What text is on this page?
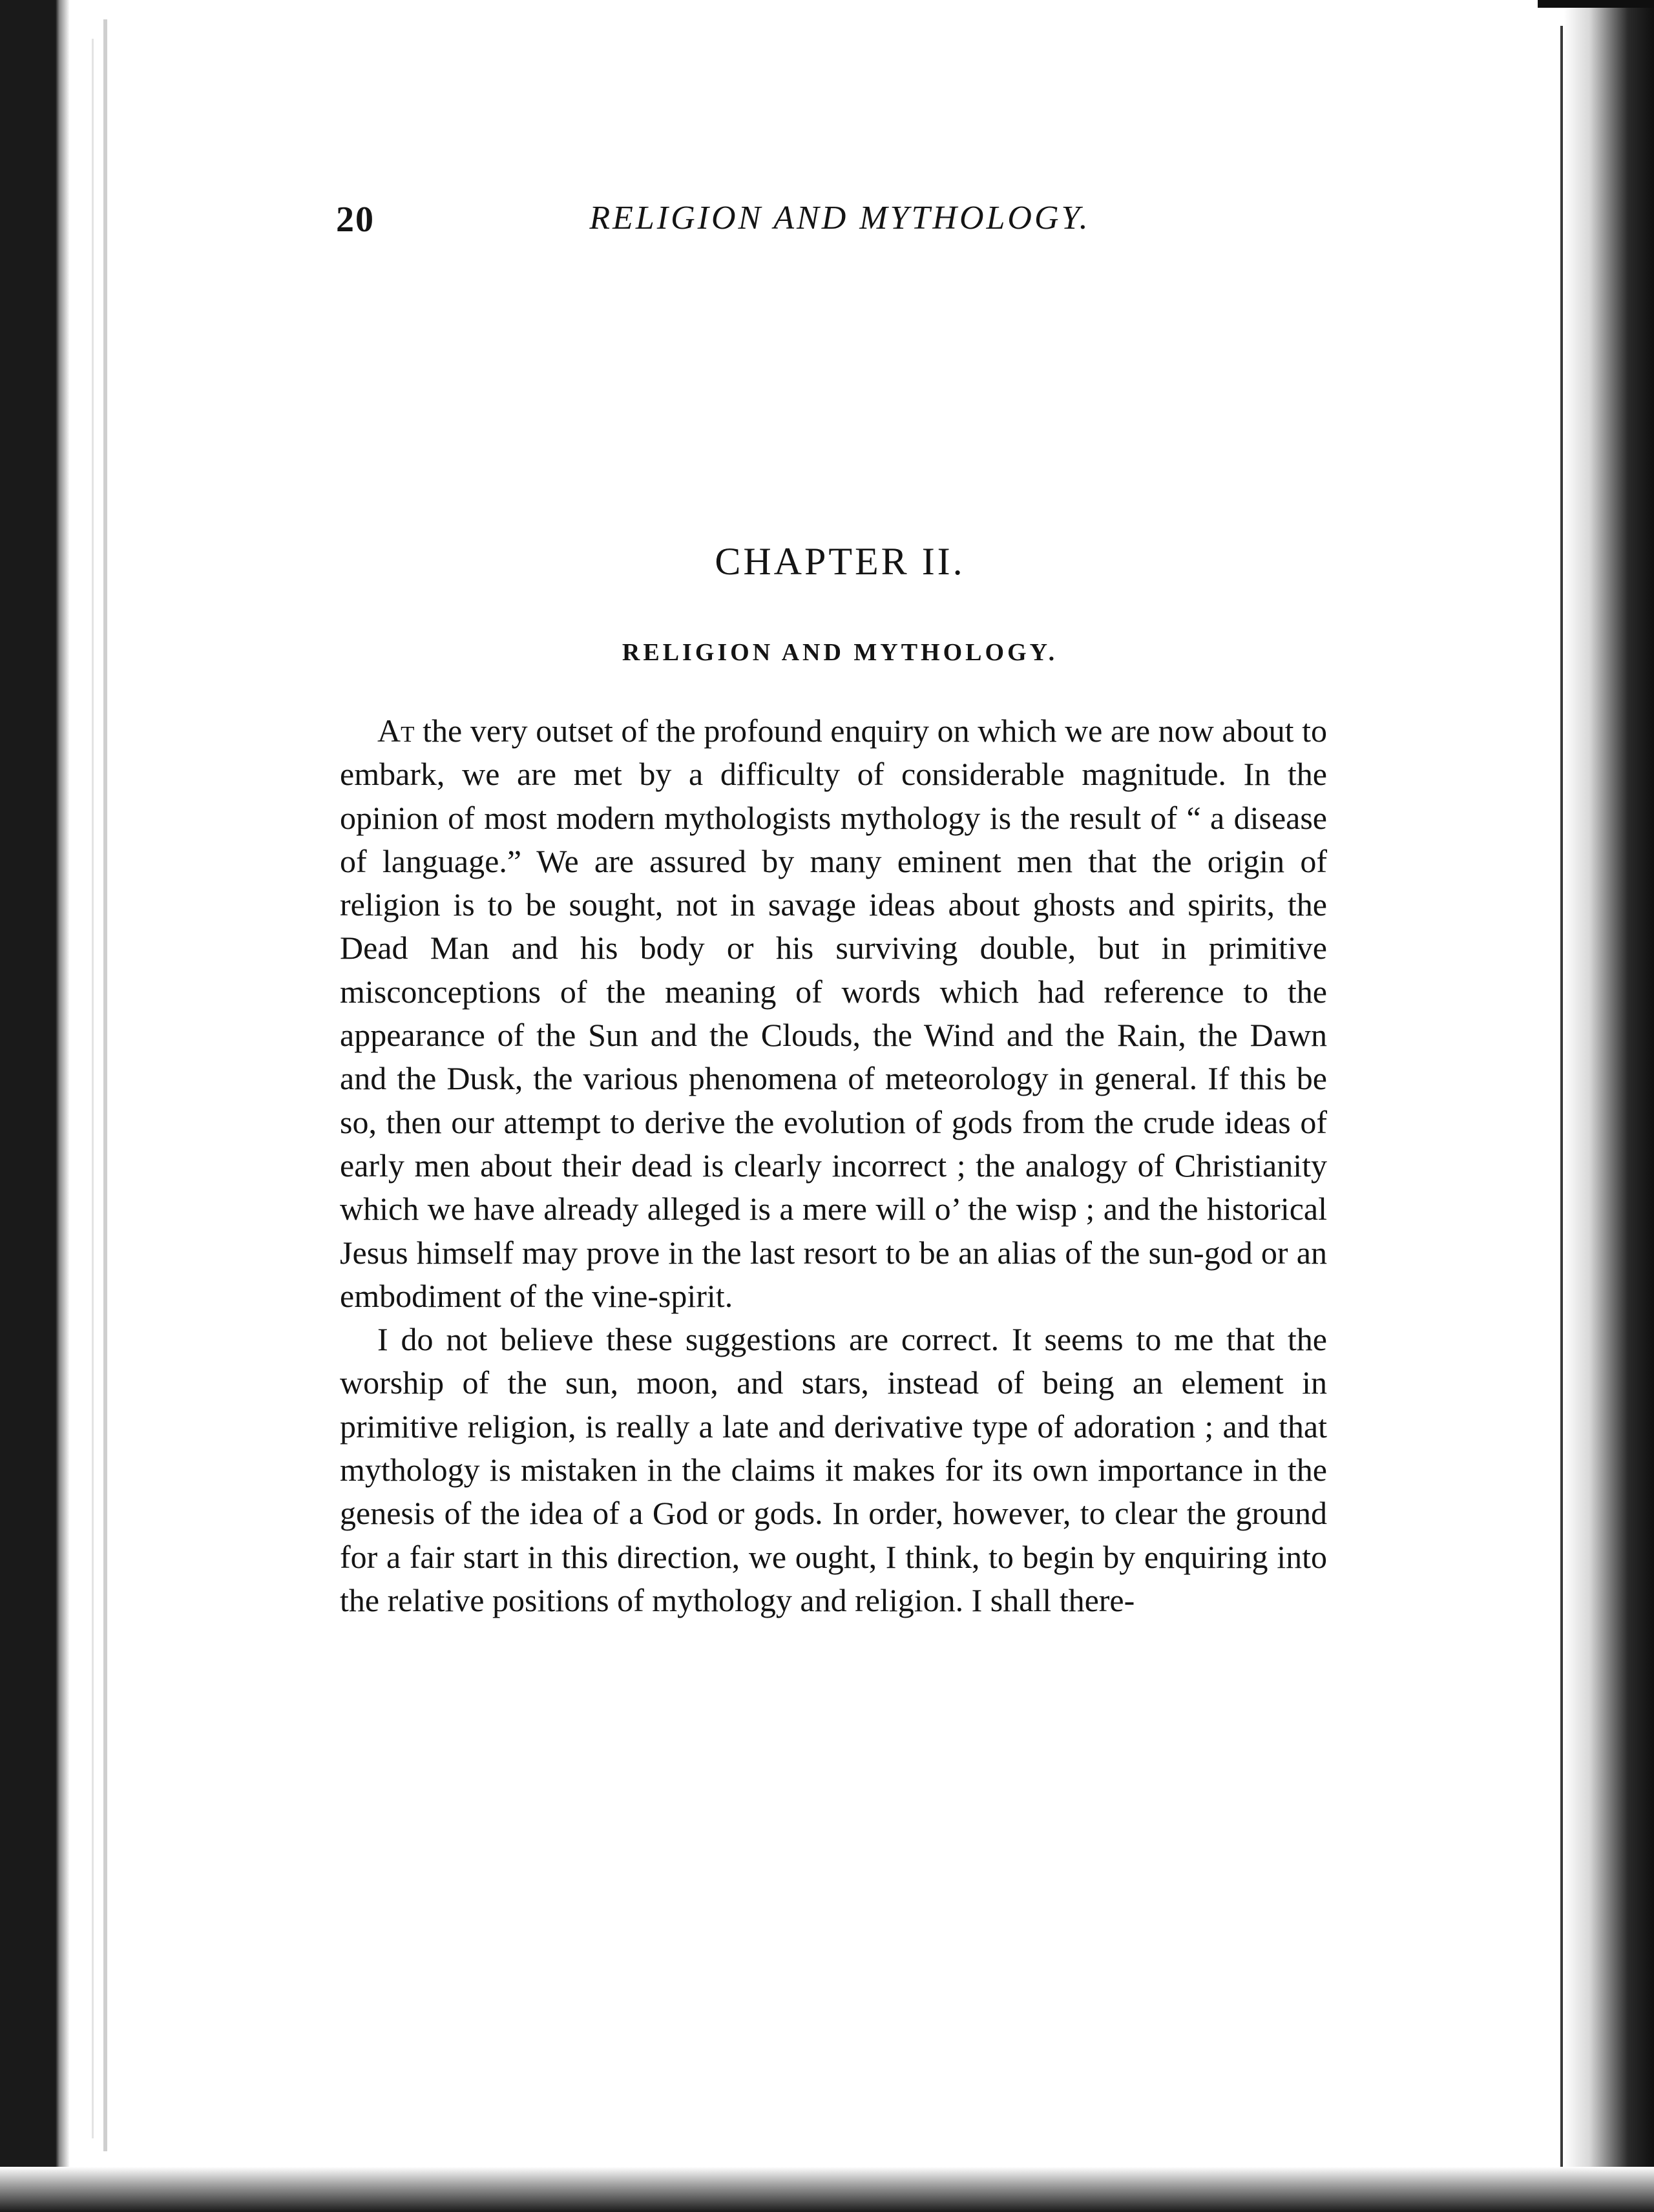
20	RELIGION AND MYTHOLOGY.
CHAPTER II.
RELIGION AND MYTHOLOGY.

At the very outset of the profound enquiry on which we are now about to embark, we are met by a difficulty of considerable magnitude. In the opinion of most modern mythologists mythology is the result of “ a disease of language.” We are assured by many eminent men that the origin of religion is to be sought, not in savage ideas about ghosts and spirits, the Dead Man and his body or his surviving double, but in primitive misconceptions of the meaning of words which had reference to the appearance of the Sun and the Clouds, the Wind and the Rain, the Dawn and the Dusk, the various phenomena of meteorology in general. If this be so, then our attempt to derive the evolution of gods from the crude ideas of early men about their dead is clearly incorrect ; the analogy of Christianity which we have already alleged is a mere will o’ the wisp ; and the historical Jesus himself may prove in the last resort to be an alias of the sun-god or an embodiment of the vine-spirit.

I do not believe these suggestions are correct. It seems to me that the worship of the sun, moon, and stars, instead of being an element in primitive religion, is really a late and derivative type of adoration ; and that mythology is mistaken in the claims it makes for its own importance in the genesis of the idea of a God or gods. In order, however, to clear the ground for a fair start in this direction, we ought, I think, to begin by enquiring into the relative positions of mythology and religion. I shall there-
